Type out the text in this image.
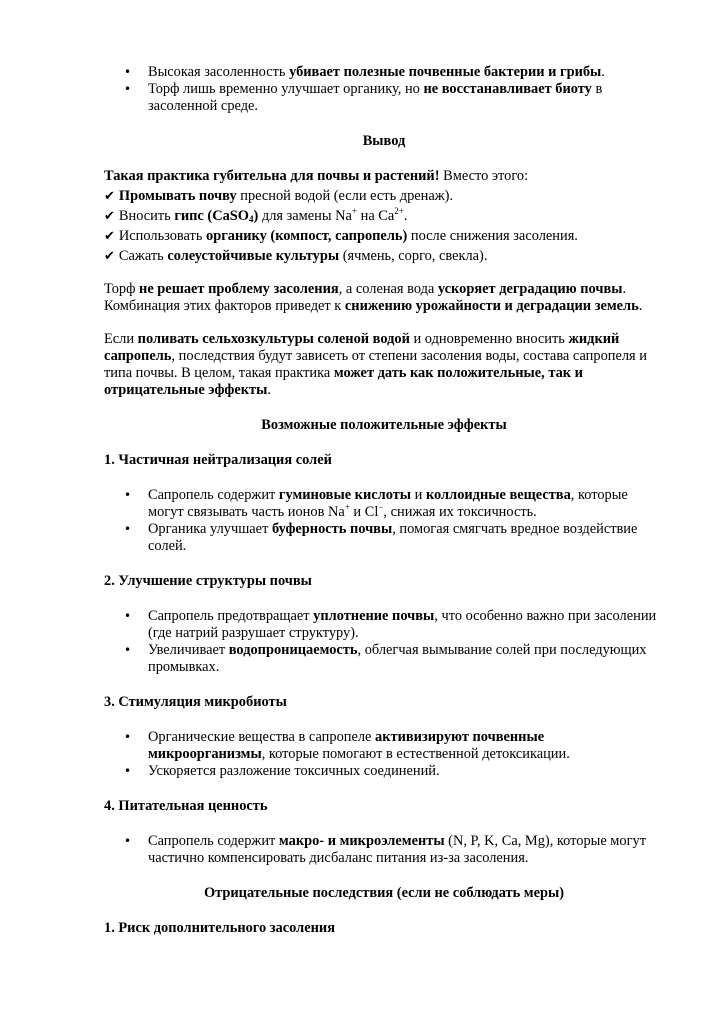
• Высокая засоленность убивает полезные почвенные бактерии и грибы.
• Торф лишь временно улучшает органику, но не восстанавливает биоту в засоленной среде.

Вывод

Такая практика губительна для почвы и растений! Вместо этого:

✔ Промывать почву пресной водой (если есть дренаж).

✔ Вносить гипс (CaSO$_4$) для замены Na+ на $Ca^{2+}$.

✔ Использовать органику (компост, сапропель) после снижения засоления.

✔ Сажать солеустойчивые культуры (ячмень, сорго, свекла).

Торф не решает проблему засоления, а соленая вода ускоряет деградацию почвы. Комбинация этих факторов приведет к снижению урожайности и деградации земель.

Если поливать сельхозкультуры соленой водой и одновременно вносить жидкий сапропель, последствия будут зависеть от степени засоления воды, состава сапропеля и типа почвы. В целом, такая практика может дать как положительные, так и отрицательные эффекты.

Возможные положительные эффекты

1. Частичная нейтрализация солей

• Сапропель содержит гуминовые кислоты и коллоидные вещества, которые могут связывать часть ионов Na+ и Cl−, снижая их токсичность.
• Органика улучшает буферность почвы, помогая смягчать вредное воздействие солей.

2. Улучшение структуры почвы

• Сапропель предотвращает уплотнение почвы, что особенно важно при засолении (где натрий разрушает структуру).
• Увеличивает водопроницаемость, облегчая вымывание солей при последующих промывках.

3. Стимуляция микробиоты

• Органические вещества в сапропеле активизируют почвенные микроорганизмы, которые помогают в естественной детоксикации.
• Ускоряется разложение токсичных соединений.

4. Питательная ценность

• Сапропель содержит макро- и микроэлементы (N, P, K, Ca, Mg), которые могут частично компенсировать дисбаланс питания из-за засоления.

Отрицательные последствия (если не соблюдать меры)

1. Риск дополнительного засоления
